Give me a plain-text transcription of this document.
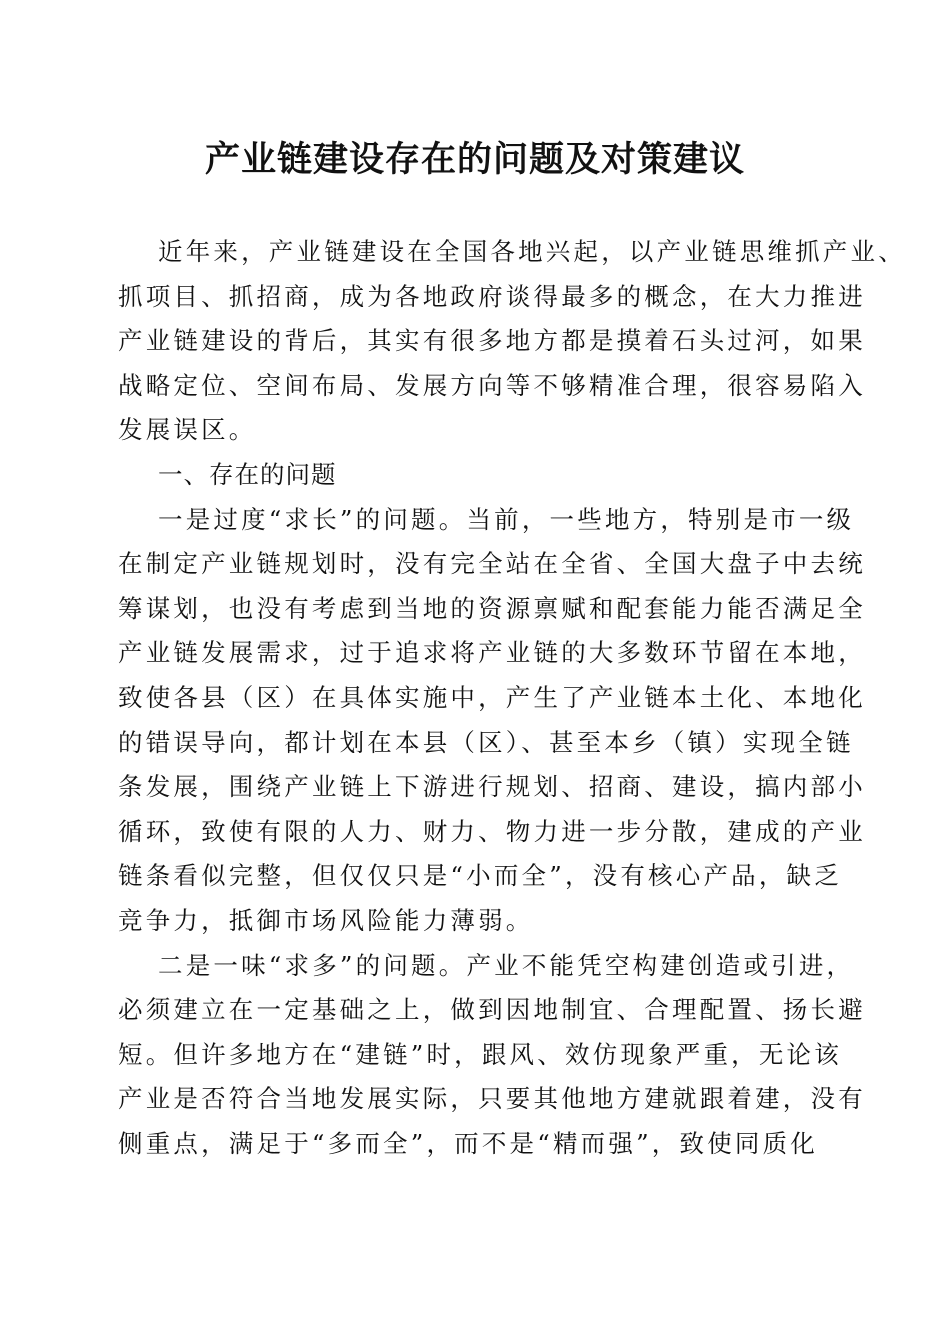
产业链建设存在的问题及对策建议
近年来，产业链建设在全国各地兴起，以产业链思维抓产业、
抓项目、抓招商，成为各地政府谈得最多的概念，在大力推进
产业链建设的背后，其实有很多地方都是摸着石头过河，如果
战略定位、空间布局、发展方向等不够精准合理，很容易陷入
发展误区。
一、存在的问题
一是过度“求长”的问题。当前，一些地方，特别是市一级
在制定产业链规划时，没有完全站在全省、全国大盘子中去统
筹谋划，也没有考虑到当地的资源禀赋和配套能力能否满足全
产业链发展需求，过于追求将产业链的大多数环节留在本地，
致使各县（区）在具体实施中，产生了产业链本土化、本地化
的错误导向，都计划在本县（区）、甚至本乡（镇）实现全链
条发展，围绕产业链上下游进行规划、招商、建设，搞内部小
循环，致使有限的人力、财力、物力进一步分散，建成的产业
链条看似完整，但仅仅只是“小而全”，没有核心产品，缺乏
竞争力，抵御市场风险能力薄弱。
二是一味“求多”的问题。产业不能凭空构建创造或引进，
必须建立在一定基础之上，做到因地制宜、合理配置、扬长避
短。但许多地方在“建链”时，跟风、效仿现象严重，无论该
产业是否符合当地发展实际，只要其他地方建就跟着建，没有
侧重点，满足于“多而全”，而不是“精而强”，致使同质化
